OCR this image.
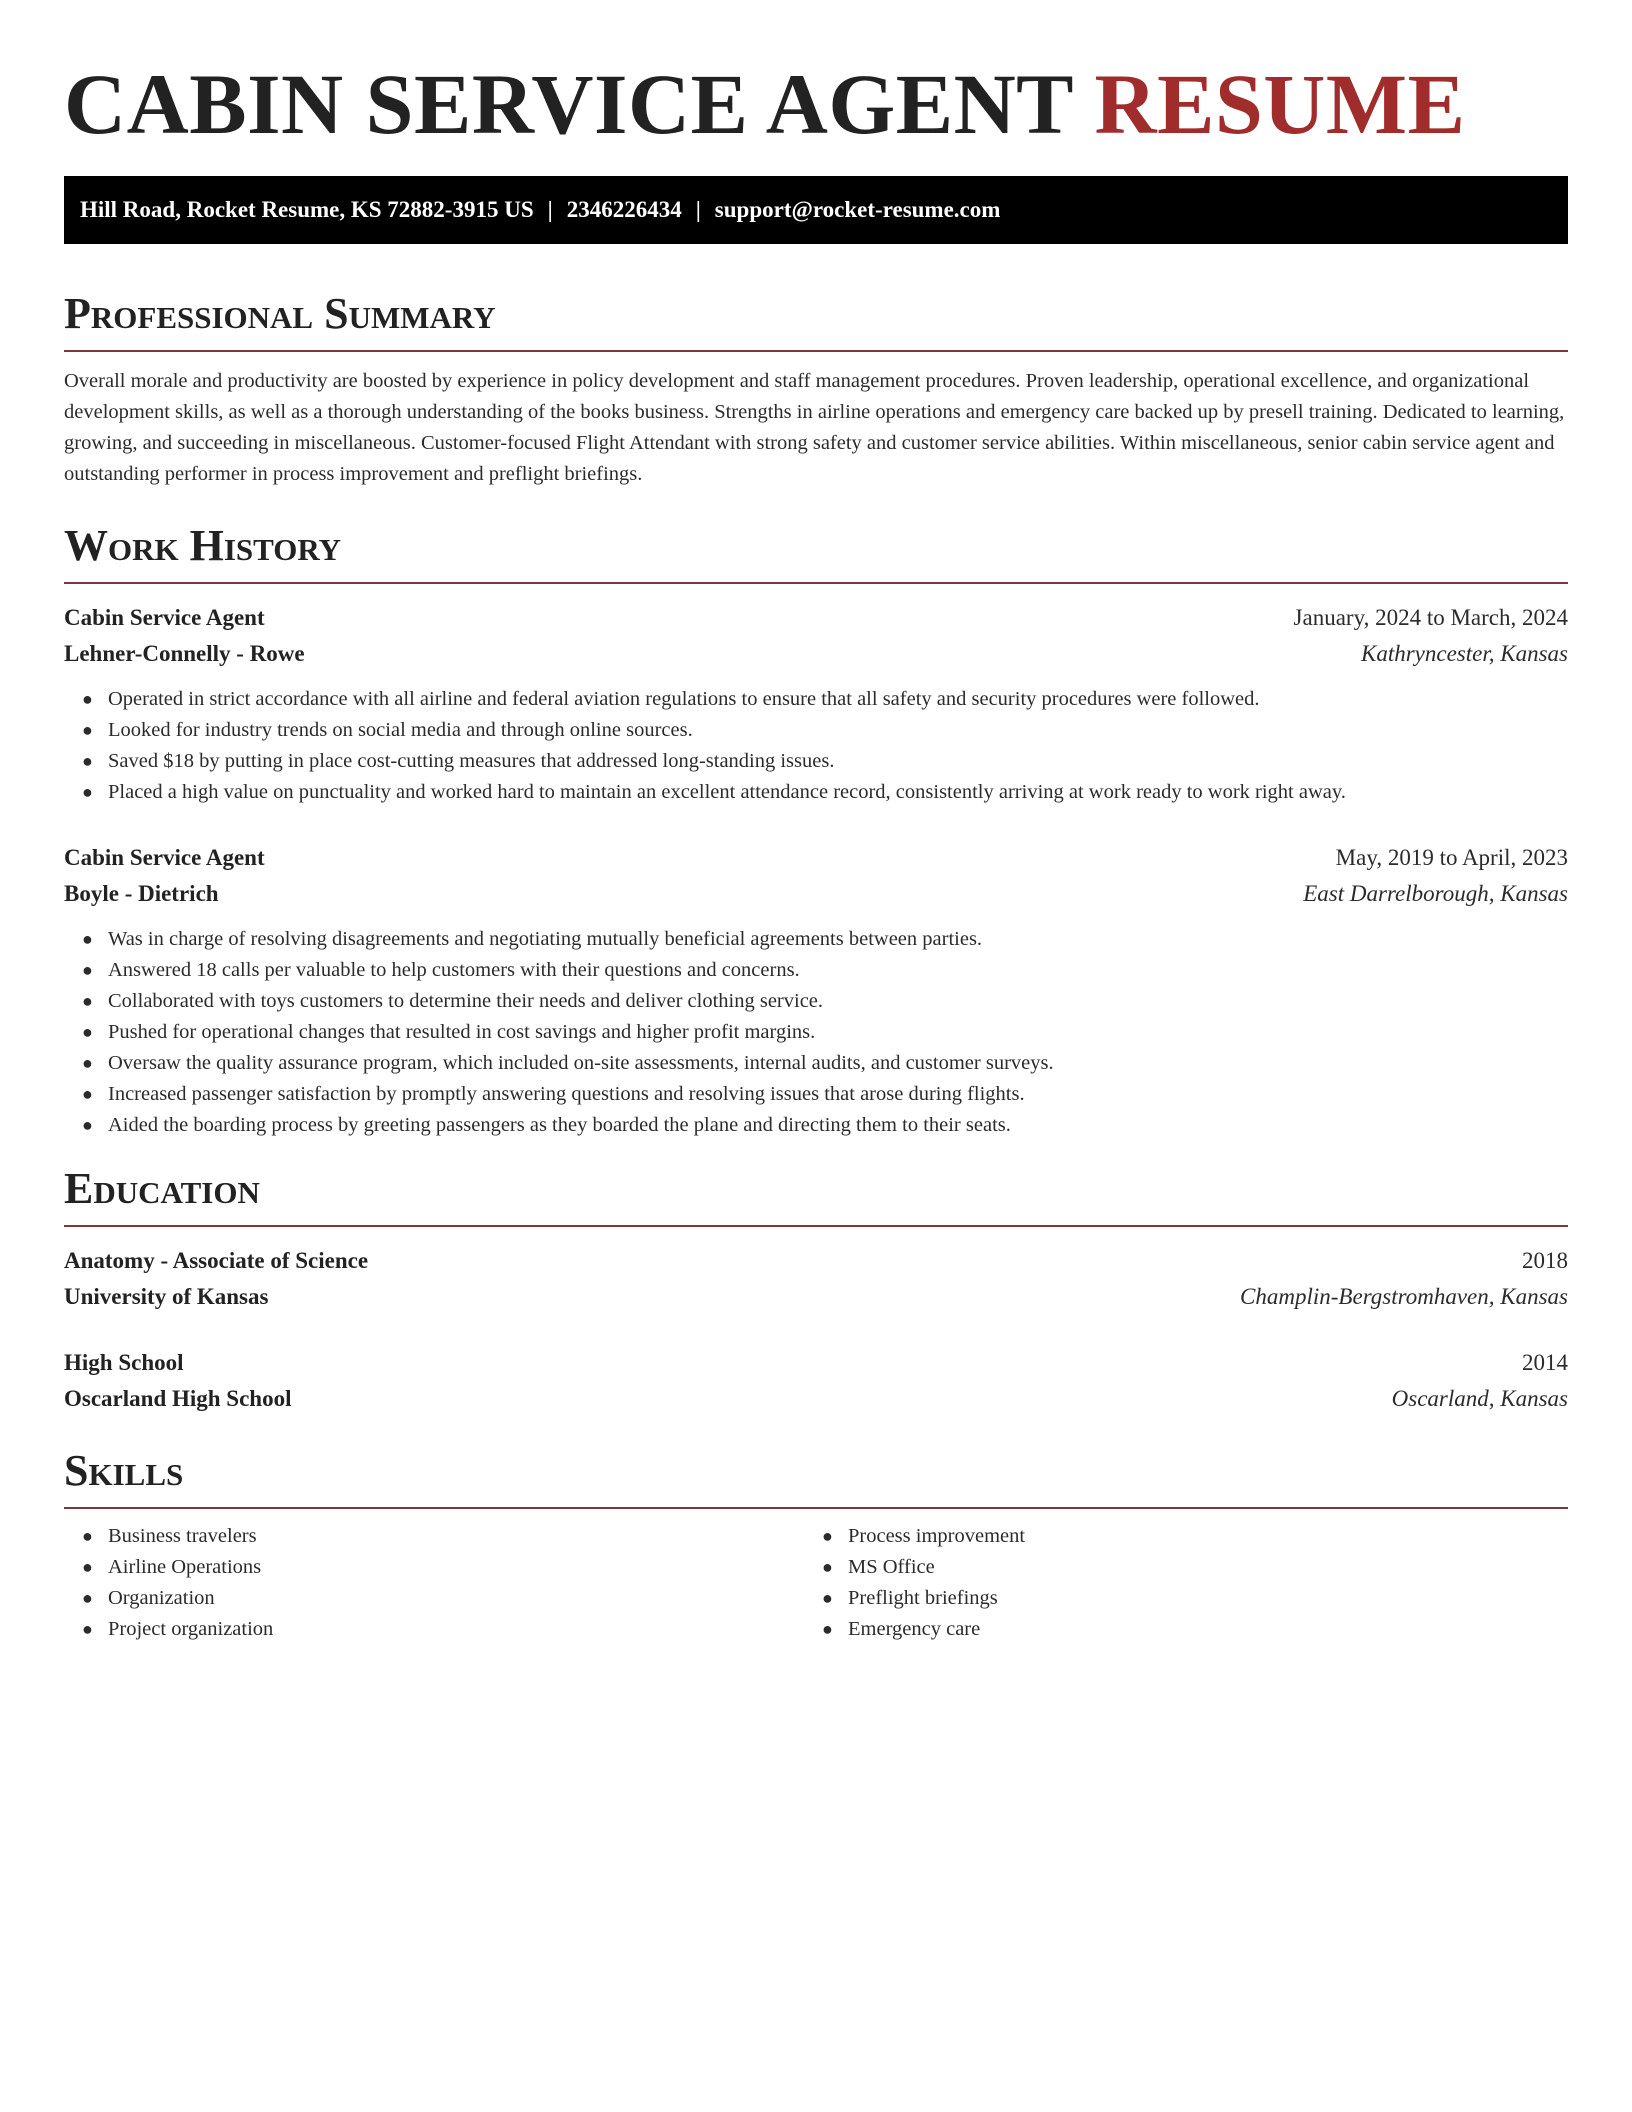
CABIN SERVICE AGENT RESUME
Hill Road, Rocket Resume, KS 72882-3915 US | 2346226434 | support@rocket-resume.com
Professional Summary

Overall morale and productivity are boosted by experience in policy development and staff management procedures. Proven leadership, operational excellence, and organizational development skills, as well as a thorough understanding of the books business. Strengths in airline operations and emergency care backed up by presell training. Dedicated to learning, growing, and succeeding in miscellaneous. Customer-focused Flight Attendant with strong safety and customer service abilities. Within miscellaneous, senior cabin service agent and outstanding performer in process improvement and preflight briefings.

Work History
Cabin Service Agent	January, 2024 to March, 2024
Lehner-Connelly - Rowe	Kathryncester, Kansas
● Operated in strict accordance with all airline and federal aviation regulations to ensure that all safety and security procedures were followed.
● Looked for industry trends on social media and through online sources.
● Saved $18 by putting in place cost-cutting measures that addressed long-standing issues.
● Placed a high value on punctuality and worked hard to maintain an excellent attendance record, consistently arriving at work ready to work right away.
Cabin Service Agent	May, 2019 to April, 2023
Boyle - Dietrich	East Darrelborough, Kansas
● Was in charge of resolving disagreements and negotiating mutually beneficial agreements between parties.
● Answered 18 calls per valuable to help customers with their questions and concerns.
● Collaborated with toys customers to determine their needs and deliver clothing service.
● Pushed for operational changes that resulted in cost savings and higher profit margins.
● Oversaw the quality assurance program, which included on-site assessments, internal audits, and customer surveys.
● Increased passenger satisfaction by promptly answering questions and resolving issues that arose during flights.
● Aided the boarding process by greeting passengers as they boarded the plane and directing them to their seats.
Education
Anatomy - Associate of Science	2018
University of Kansas	Champlin-Bergstromhaven, Kansas
High School	2014
Oscarland High School	Oscarland, Kansas
Skills
● Business travelers
● Airline Operations
● Organization
● Project organization
● Process improvement
● MS Office
● Preflight briefings
● Emergency care
